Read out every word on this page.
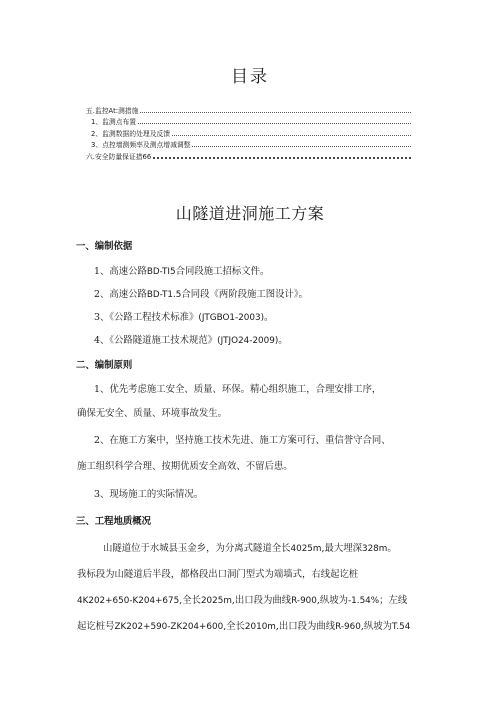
目录
五.监控At:测措施
1、监测点布置
2、监测数据的处理及反馈
3、点控墙测频率及测点增减调整
六.安全防量保证措66
山隧道进洞施工方案
一、编制依据
1、高速公路BD-TI5合同段施工招标文件。
2、高速公路BD-T1.5合同段《两阶段施工图设计》。
3、《公路工程技术标准》(JTGBO1-2003)。
4、《公路隧道施工技术规范》(JTJO24-2009)。
二、编制原则
1、优先考虑施工安全、质量、环保。精心组织施工，合理安排工序，
确保无安全、质量、环境事故发生。
2、在施工方案中，坚持施工技术先进、施工方案可行、重信誉守合同、
施工组织科学合理、按期优质安全高效、不留后患。
3、现场施工的实际情况。
三、工程地质概况
山隧道位于水城县玉金乡，为分离式隧道全长4025m,最大埋深328m。
我标段为山隧道后半段，都格段出口洞门型式为端墙式，右线起讫桩
4K202+650-K204+675,全长2025m,出口段为曲线R-900,纵坡为-1.54%；左线
起讫桩号ZK202+590-ZK204+600,全长2010m,出口段为曲线R-960,纵坡为T.54
